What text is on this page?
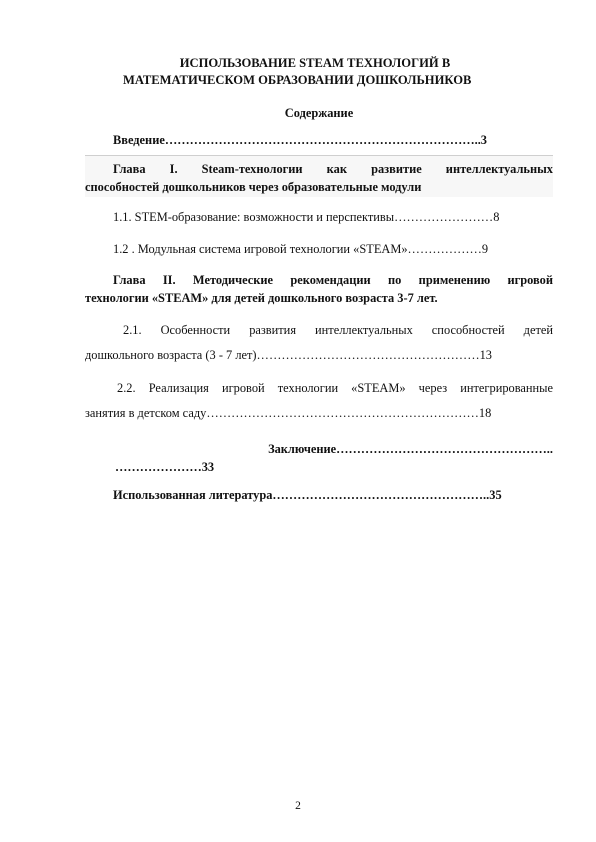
ИСПОЛЬЗОВАНИЕ STEAM ТЕХНОЛОГИЙ В
МАТЕМАТИЧЕСКОМ ОБРАЗОВАНИИ ДОШКОЛЬНИКОВ
Содержание
Введение…………………………………………………………………..3
Глава I. Steam-технологии как развитие интеллектуальных
способностей дошкольников через образовательные модули
1.1. STEM-образование: возможности и перспективы……………………8
1.2 . Модульная система игровой технологии «STEAM»………………9
Глава II. Методические рекомендации по применению игровой
технологии «STEAM» для детей дошкольного возраста 3-7 лет.
2.1. Особенности развития интеллектуальных способностей детей
дошкольного возраста (3 - 7 лет)………………………………………………13
2.2. Реализация игровой технологии «STEAM» через интегрированные
занятия в детском саду…………………………………………………………18
Заключение……………………………………………..
…………………33
Использованная литература……………………………………………..35
2
